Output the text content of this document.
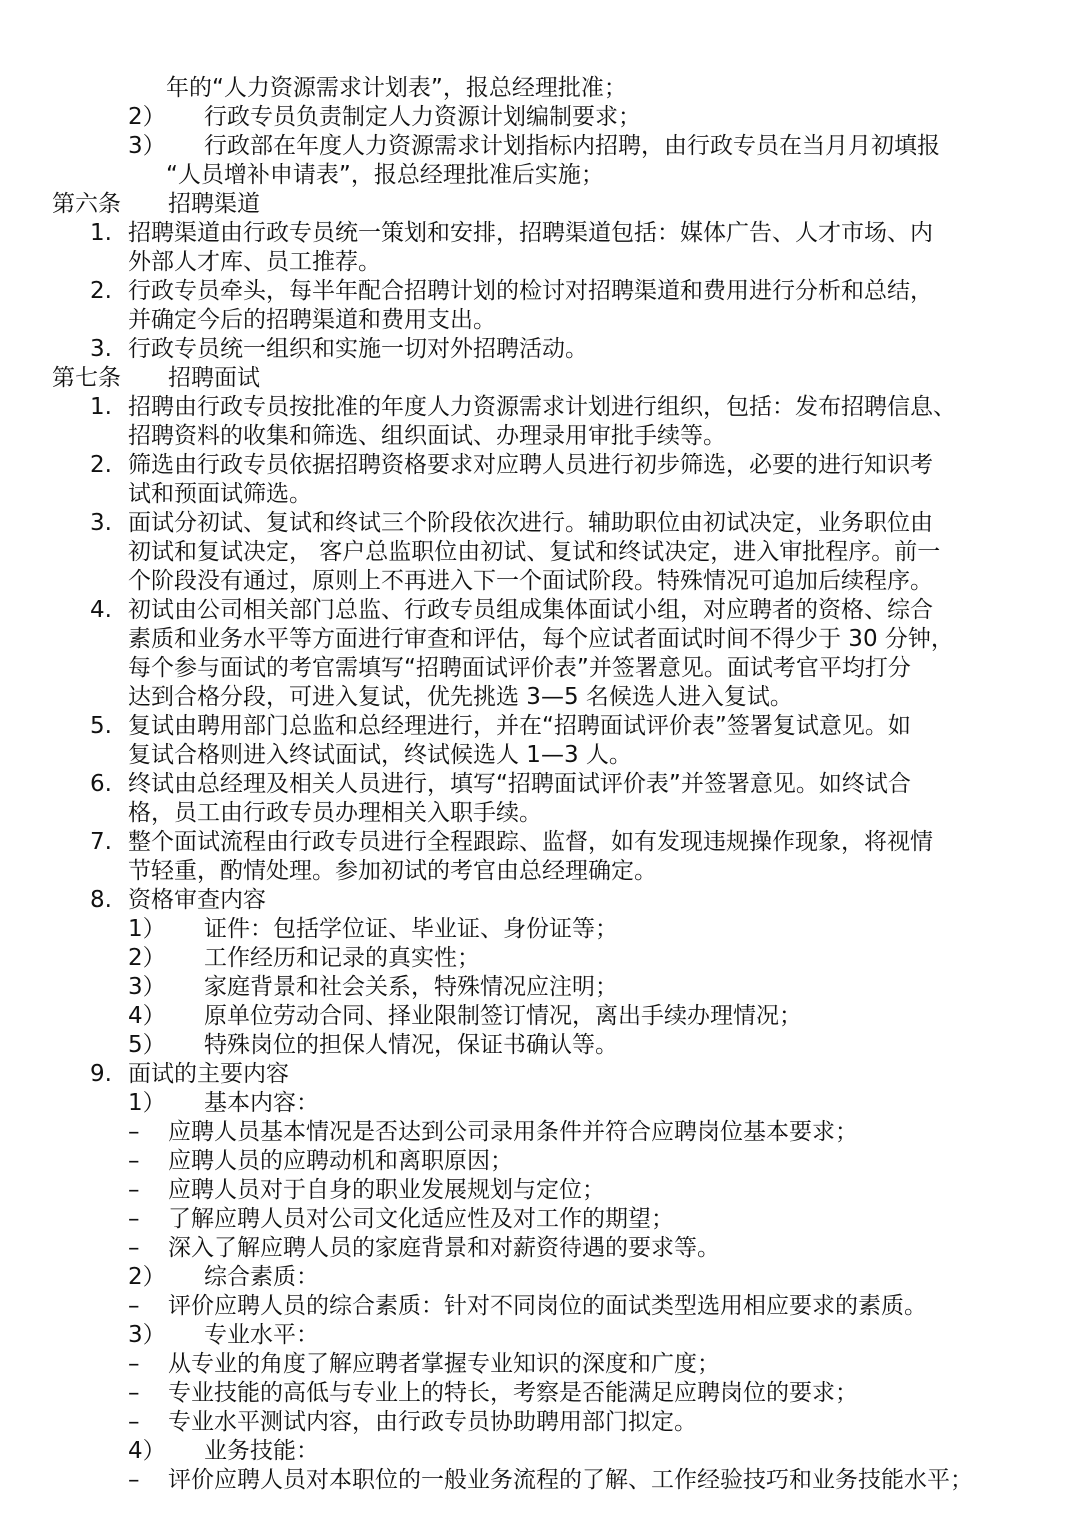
年的“人力资源需求计划表”，报总经理批准；
2） 行政专员负责制定人力资源计划编制要求；
3） 行政部在年度人力资源需求计划指标内招聘，由行政专员在当月月初填报
“人员增补申请表”，报总经理批准后实施；
第六条 招聘渠道
1. 招聘渠道由行政专员统一策划和安排，招聘渠道包括：媒体广告、人才市场、内
外部人才库、员工推荐。
2. 行政专员牵头，每半年配合招聘计划的检讨对招聘渠道和费用进行分析和总结，
并确定今后的招聘渠道和费用支出。
3. 行政专员统一组织和实施一切对外招聘活动。
第七条 招聘面试
1. 招聘由行政专员按批准的年度人力资源需求计划进行组织，包括：发布招聘信息、
招聘资料的收集和筛选、组织面试、办理录用审批手续等。
2. 筛选由行政专员依据招聘资格要求对应聘人员进行初步筛选，必要的进行知识考
试和预面试筛选。
3. 面试分初试、复试和终试三个阶段依次进行。辅助职位由初试决定，业务职位由
初试和复试决定， 客户总监职位由初试、复试和终试决定，进入审批程序。前一
个阶段没有通过，原则上不再进入下一个面试阶段。特殊情况可追加后续程序。
4. 初试由公司相关部门总监、行政专员组成集体面试小组，对应聘者的资格、综合
素质和业务水平等方面进行审查和评估，每个应试者面试时间不得少于 30 分钟，
每个参与面试的考官需填写“招聘面试评价表”并签署意见。面试考官平均打分
达到合格分段，可进入复试，优先挑选 3—5 名候选人进入复试。
5. 复试由聘用部门总监和总经理进行，并在“招聘面试评价表”签署复试意见。如
复试合格则进入终试面试，终试候选人 1—3 人。
6. 终试由总经理及相关人员进行，填写“招聘面试评价表”并签署意见。如终试合
格，员工由行政专员办理相关入职手续。
7. 整个面试流程由行政专员进行全程跟踪、监督，如有发现违规操作现象，将视情
节轻重，酌情处理。参加初试的考官由总经理确定。
8. 资格审查内容
1） 证件：包括学位证、毕业证、身份证等；
2） 工作经历和记录的真实性；
3） 家庭背景和社会关系，特殊情况应注明；
4） 原单位劳动合同、择业限制签订情况，离出手续办理情况；
5） 特殊岗位的担保人情况，保证书确认等。
9. 面试的主要内容
1） 基本内容：
– 应聘人员基本情况是否达到公司录用条件并符合应聘岗位基本要求；
– 应聘人员的应聘动机和离职原因；
– 应聘人员对于自身的职业发展规划与定位；
– 了解应聘人员对公司文化适应性及对工作的期望；
– 深入了解应聘人员的家庭背景和对薪资待遇的要求等。
2） 综合素质：
– 评价应聘人员的综合素质：针对不同岗位的面试类型选用相应要求的素质。
3） 专业水平：
– 从专业的角度了解应聘者掌握专业知识的深度和广度；
– 专业技能的高低与专业上的特长，考察是否能满足应聘岗位的要求；
– 专业水平测试内容，由行政专员协助聘用部门拟定。
4） 业务技能：
– 评价应聘人员对本职位的一般业务流程的了解、工作经验技巧和业务技能水平；
